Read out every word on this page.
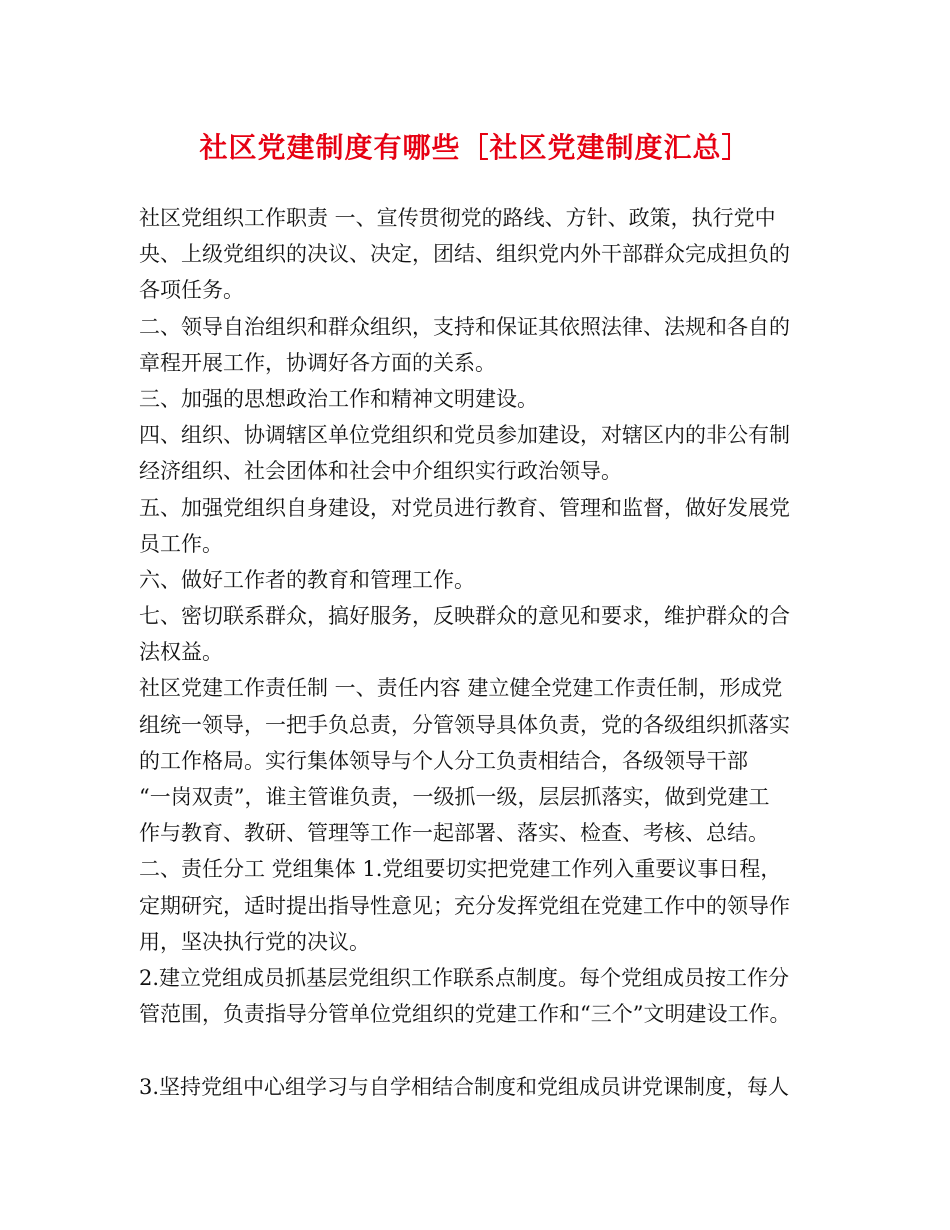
社区党建制度有哪些［社区党建制度汇总］
社区党组织工作职责 一、宣传贯彻党的路线、方针、政策，执行党中
央、上级党组织的决议、决定，团结、组织党内外干部群众完成担负的
各项任务。
二、领导自治组织和群众组织，支持和保证其依照法律、法规和各自的
章程开展工作，协调好各方面的关系。
三、加强的思想政治工作和精神文明建设。
四、组织、协调辖区单位党组织和党员参加建设，对辖区内的非公有制
经济组织、社会团体和社会中介组织实行政治领导。
五、加强党组织自身建设，对党员进行教育、管理和监督，做好发展党
员工作。
六、做好工作者的教育和管理工作。
七、密切联系群众，搞好服务，反映群众的意见和要求，维护群众的合
法权益。
社区党建工作责任制 一、责任内容 建立健全党建工作责任制，形成党
组统一领导，一把手负总责，分管领导具体负责，党的各级组织抓落实
的工作格局。实行集体领导与个人分工负责相结合，各级领导干部
“一岗双责”，谁主管谁负责，一级抓一级，层层抓落实，做到党建工
作与教育、教研、管理等工作一起部署、落实、检查、考核、总结。
二、责任分工 党组集体 1.党组要切实把党建工作列入重要议事日程，
定期研究，适时提出指导性意见；充分发挥党组在党建工作中的领导作
用，坚决执行党的决议。
2.建立党组成员抓基层党组织工作联系点制度。每个党组成员按工作分
管范围，负责指导分管单位党组织的党建工作和“三个”文明建设工作。
3.坚持党组中心组学习与自学相结合制度和党组成员讲党课制度，每人
